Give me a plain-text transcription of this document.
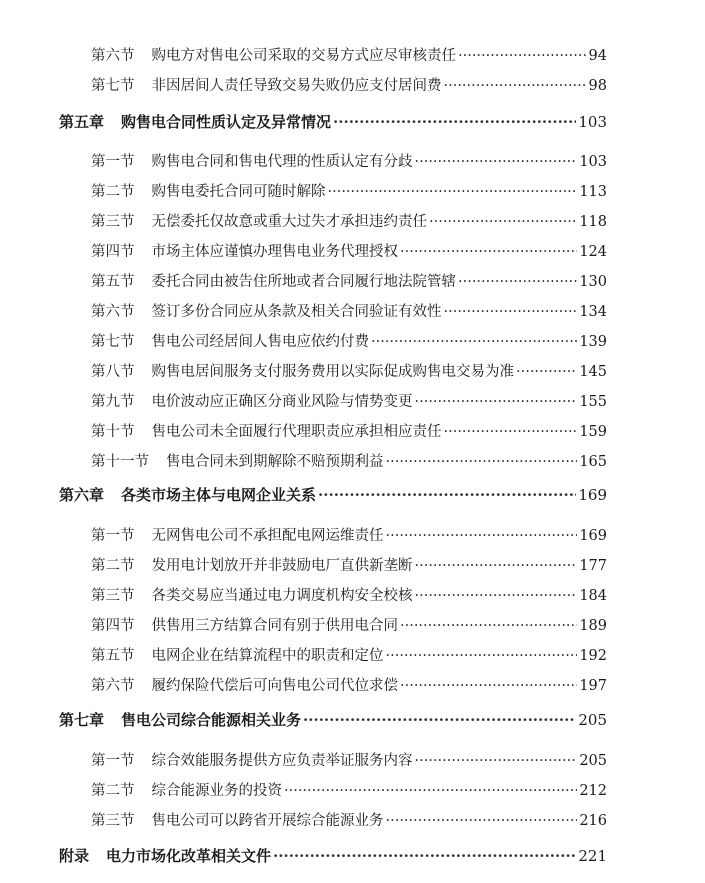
第六节 购电方对售电公司采取的交易方式应尽审核责任 ·····	94
第七节 非因居间人责任导致交易失败仍应支付居间费 ·····	98
第五章 购售电合同性质认定及异常情况 ·····	103
第一节 购售电合同和售电代理的性质认定有分歧 ·····	103
第二节 购售电委托合同可随时解除 ·····	113
第三节 无偿委托仅故意或重大过失才承担违约责任 ·····	118
第四节 市场主体应谨慎办理售电业务代理授权 ·····	124
第五节 委托合同由被告住所地或者合同履行地法院管辖 ·····	130
第六节 签订多份合同应从条款及相关合同验证有效性 ·····	134
第七节 售电公司经居间人售电应依约付费 ·····	139
第八节 购售电居间服务支付服务费用以实际促成购售电交易为准 ·····	145
第九节 电价波动应正确区分商业风险与情势变更 ·····	155
第十节 售电公司未全面履行代理职责应承担相应责任 ·····	159
第十一节 售电合同未到期解除不赔预期利益 ·····	165
第六章 各类市场主体与电网企业关系 ·····	169
第一节 无网售电公司不承担配电网运维责任 ·····	169
第二节 发用电计划放开并非鼓励电厂直供新垄断 ·····	177
第三节 各类交易应当通过电力调度机构安全校核 ·····	184
第四节 供售用三方结算合同有别于供用电合同 ·····	189
第五节 电网企业在结算流程中的职责和定位 ·····	192
第六节 履约保险代偿后可向售电公司代位求偿 ·····	197
第七章 售电公司综合能源相关业务 ·····	205
第一节 综合效能服务提供方应负责举证服务内容 ·····	205
第二节 综合能源业务的投资 ·····	212
第三节 售电公司可以跨省开展综合能源业务 ·····	216
附录 电力市场化改革相关文件 ·····	221
